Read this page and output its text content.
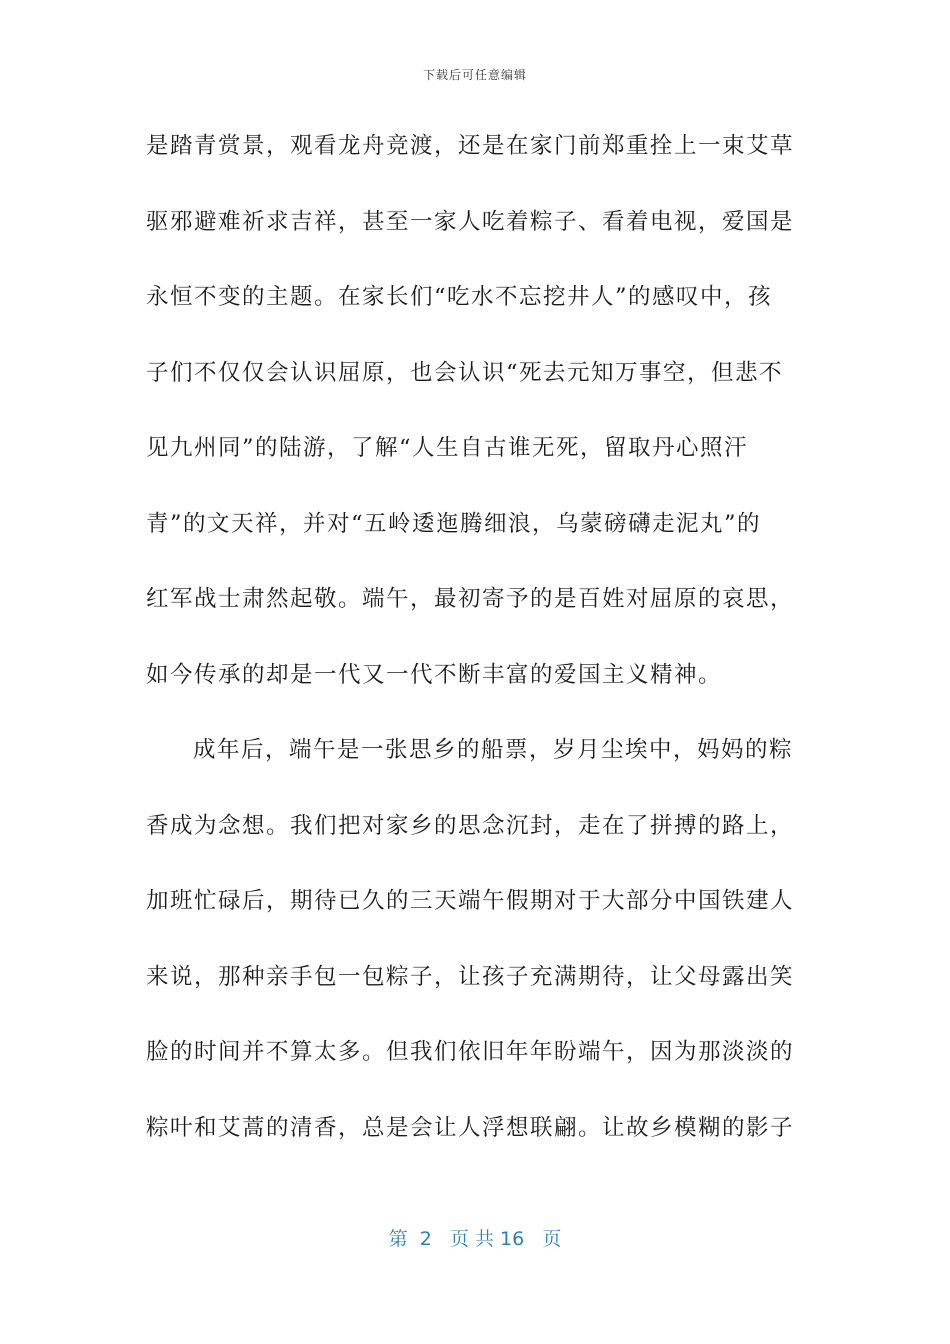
下载后可任意编辑
是踏青赏景，观看龙舟竞渡，还是在家门前郑重拴上一束艾草
驱邪避难祈求吉祥，甚至一家人吃着粽子、看着电视，爱国是
永恒不变的主题。在家长们“吃水不忘挖井人”的感叹中，孩
子们不仅仅会认识屈原，也会认识“死去元知万事空，但悲不
见九州同”的陆游，了解“人生自古谁无死，留取丹心照汗
青”的文天祥，并对“五岭逶迤腾细浪，乌蒙磅礴走泥丸”的
红军战士肃然起敬。端午，最初寄予的是百姓对屈原的哀思，
如今传承的却是一代又一代不断丰富的爱国主义精神。
成年后，端午是一张思乡的船票，岁月尘埃中，妈妈的粽
香成为念想。我们把对家乡的思念沉封，走在了拼搏的路上，
加班忙碌后，期待已久的三天端午假期对于大部分中国铁建人
来说，那种亲手包一包粽子，让孩子充满期待，让父母露出笑
脸的时间并不算太多。但我们依旧年年盼端午，因为那淡淡的
粽叶和艾蒿的清香，总是会让人浮想联翩。让故乡模糊的影子
第  2   页 共 16   页
